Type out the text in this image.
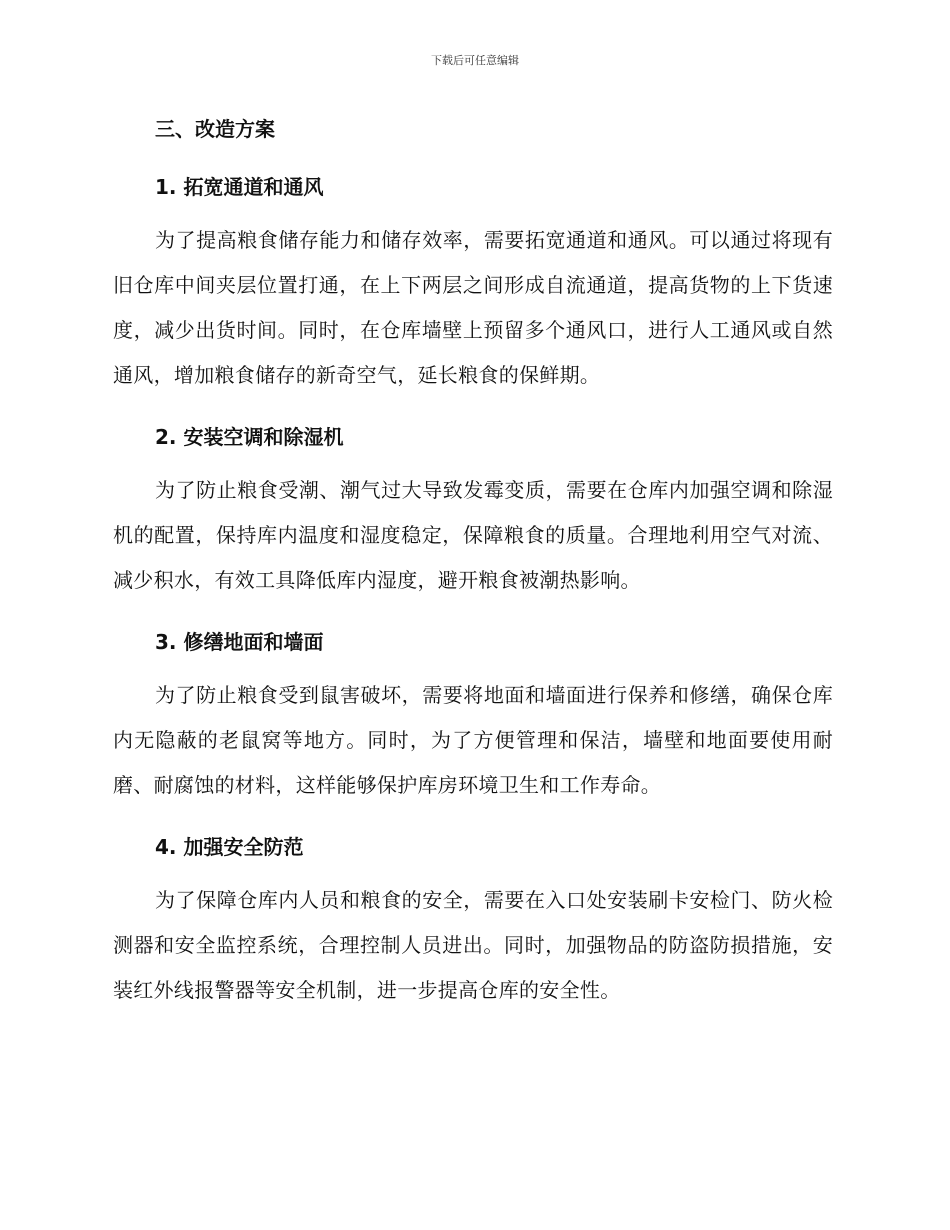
下载后可任意编辑
三、改造方案
1. 拓宽通道和通风

为了提高粮食储存能力和储存效率，需要拓宽通道和通风。可以通过将现有旧仓库中间夹层位置打通，在上下两层之间形成自流通道，提高货物的上下货速度，减少出货时间。同时，在仓库墙壁上预留多个通风口，进行人工通风或自然通风，增加粮食储存的新奇空气，延长粮食的保鲜期。

2. 安装空调和除湿机

为了防止粮食受潮、潮气过大导致发霉变质，需要在仓库内加强空调和除湿机的配置，保持库内温度和湿度稳定，保障粮食的质量。合理地利用空气对流、减少积水，有效工具降低库内湿度，避开粮食被潮热影响。

3. 修缮地面和墙面

为了防止粮食受到鼠害破坏，需要将地面和墙面进行保养和修缮，确保仓库内无隐蔽的老鼠窝等地方。同时，为了方便管理和保洁，墙壁和地面要使用耐磨、耐腐蚀的材料，这样能够保护库房环境卫生和工作寿命。

4. 加强安全防范

为了保障仓库内人员和粮食的安全，需要在入口处安装刷卡安检门、防火检测器和安全监控系统，合理控制人员进出。同时，加强物品的防盗防损措施，安装红外线报警器等安全机制，进一步提高仓库的安全性。
